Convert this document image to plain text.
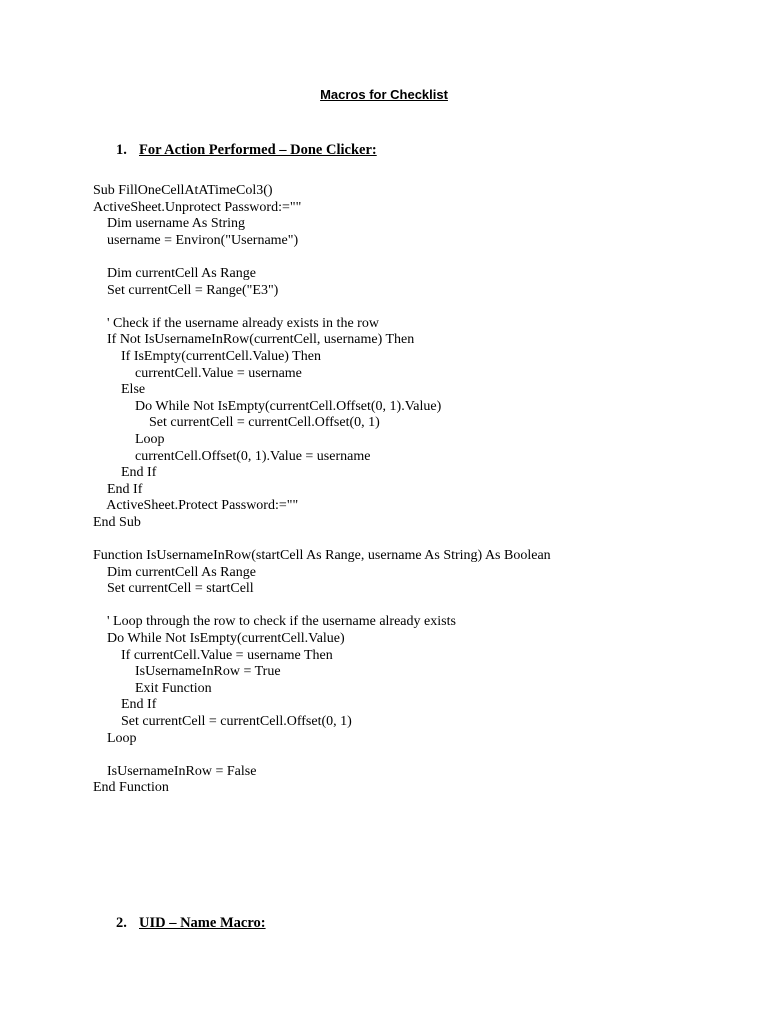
Macros for Checklist
1. For Action Performed – Done Clicker:
Sub FillOneCellAtATimeCol3()
ActiveSheet.Unprotect Password:=""
Dim username As String
username = Environ("Username")
Dim currentCell As Range
Set currentCell = Range("E3")
' Check if the username already exists in the row
If Not IsUsernameInRow(currentCell, username) Then
If IsEmpty(currentCell.Value) Then
currentCell.Value = username
Else
Do While Not IsEmpty(currentCell.Offset(0, 1).Value)
Set currentCell = currentCell.Offset(0, 1)
Loop
currentCell.Offset(0, 1).Value = username
End If
End If
ActiveSheet.Protect Password:=""
End Sub
Function IsUsernameInRow(startCell As Range, username As String) As Boolean
Dim currentCell As Range
Set currentCell = startCell
' Loop through the row to check if the username already exists
Do While Not IsEmpty(currentCell.Value)
If currentCell.Value = username Then
IsUsernameInRow = True
Exit Function
End If
Set currentCell = currentCell.Offset(0, 1)
Loop
IsUsernameInRow = False
End Function
2. UID – Name Macro:
